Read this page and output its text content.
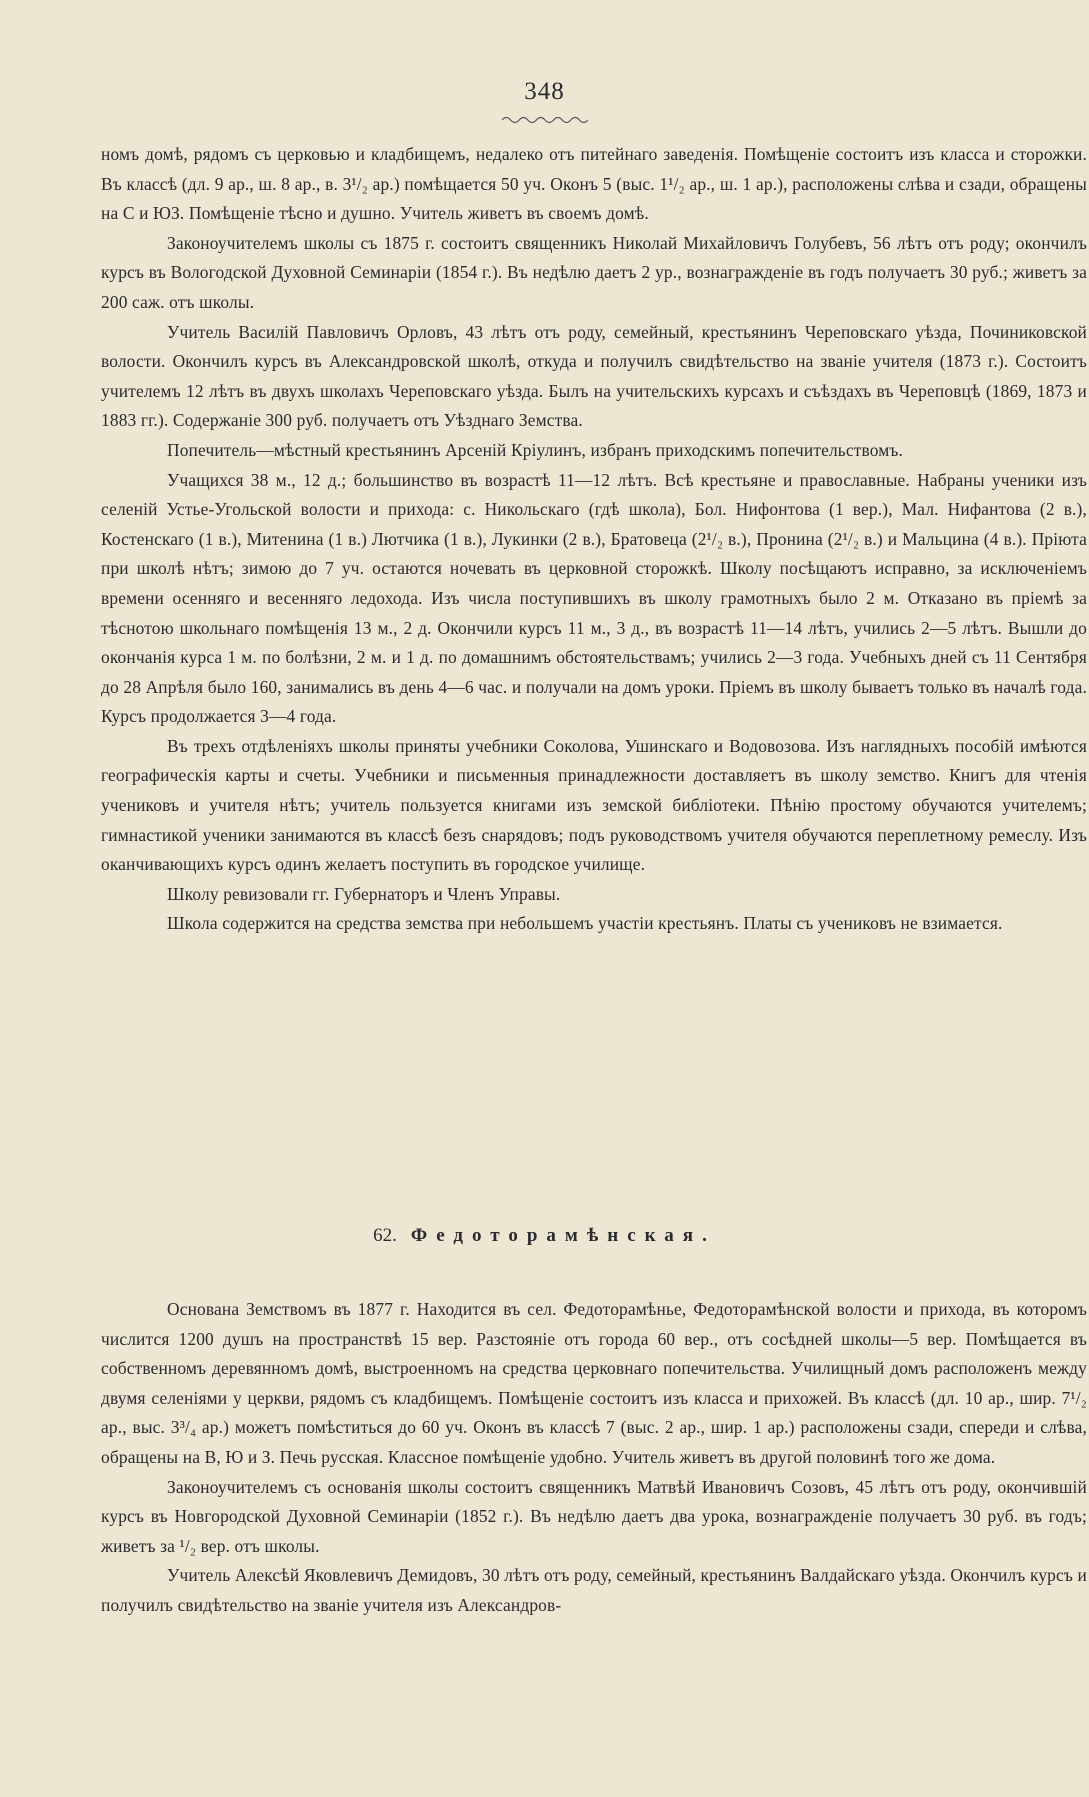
348

номъ домѣ, рядомъ съ церковью и кладбищемъ, недалеко отъ питейнаго заведенія. Помѣщеніе состоитъ изъ класса и сторожки. Въ классѣ (дл. 9 ар., ш. 8 ар., в. 3¹/₂ ар.) помѣщается 50 уч. Оконъ 5 (выс. 1¹/₂ ар., ш. 1 ар.), расположены слѣва и сзади, обращены на С и ЮЗ. Помѣщеніе тѣсно и душно. Учитель живетъ въ своемъ домѣ.

Законоучителемъ школы съ 1875 г. состоитъ священникъ Николай Михайловичъ Голубевъ, 56 лѣтъ отъ роду; окончилъ курсъ въ Вологодской Духовной Семинаріи (1854 г.). Въ недѣлю даетъ 2 ур., вознагражденіе въ годъ получаетъ 30 руб.; живетъ за 200 саж. отъ школы.

Учитель Василій Павловичъ Орловъ, 43 лѣтъ отъ роду, семейный, крестьянинъ Череповскаго уѣзда, Починиковской волости. Окончилъ курсъ въ Александровской школѣ, откуда и получилъ свидѣтельство на званіе учителя (1873 г.). Состоитъ учителемъ 12 лѣтъ въ двухъ школахъ Череповскаго уѣзда. Былъ на учительскихъ курсахъ и съѣздахъ въ Череповцѣ (1869, 1873 и 1883 гг.). Содержаніе 300 руб. получаетъ отъ Уѣзднаго Земства.

Попечитель—мѣстный крестьянинъ Арсеній Кріулинъ, избранъ приходскимъ попечительствомъ.

Учащихся 38 м., 12 д.; большинство въ возрастѣ 11—12 лѣтъ. Всѣ крестьяне и православные. Набраны ученики изъ селеній Устье-Угольской волости и прихода: с. Никольскаго (гдѣ школа), Бол. Нифонтова (1 вер.), Мал. Нифантова (2 в.), Костенскаго (1 в.), Митенина (1 в.) Лютчика (1 в.), Лукинки (2 в.), Братовеца (2¹/₂ в.), Пронина (2¹/₂ в.) и Мальцина (4 в.). Пріюта при школѣ нѣтъ; зимою до 7 уч. остаются ночевать въ церковной сторожкѣ. Школу посѣщаютъ исправно, за исключеніемъ времени осенняго и весенняго ледохода. Изъ числа поступившихъ въ школу грамотныхъ было 2 м. Отказано въ пріемѣ за тѣснотою школьнаго помѣщенія 13 м., 2 д. Окончили курсъ 11 м., 3 д., въ возрастѣ 11—14 лѣтъ, учились 2—5 лѣтъ. Вышли до окончанія курса 1 м. по болѣзни, 2 м. и 1 д. по домашнимъ обстоятельствамъ; учились 2—3 года. Учебныхъ дней съ 11 Сентября до 28 Апрѣля было 160, занимались въ день 4—6 час. и получали на домъ уроки. Пріемъ въ школу бываетъ только въ началѣ года. Курсъ продолжается 3—4 года.

Въ трехъ отдѣленіяхъ школы приняты учебники Соколова, Ушинскаго и Водовозова. Изъ наглядныхъ пособій имѣются географическія карты и счеты. Учебники и письменныя принадлежности доставляетъ въ школу земство. Книгъ для чтенія учениковъ и учителя нѣтъ; учитель пользуется книгами изъ земской библіотеки. Пѣнію простому обучаются учителемъ; гимнастикой ученики занимаются въ классѣ безъ снарядовъ; подъ руководствомъ учителя обучаются переплетному ремеслу. Изъ оканчивающихъ курсъ одинъ желаетъ поступить въ городское училище.

Школу ревизовали гг. Губернаторъ и Членъ Управы.

Школа содержится на средства земства при небольшемъ участіи крестьянъ. Платы съ учениковъ не взимается.

62. Федоторамѣнская.

Основана Земствомъ въ 1877 г. Находится въ сел. Федоторамѣнье, Федоторамѣнской волости и прихода, въ которомъ числится 1200 душъ на пространствѣ 15 вер. Разстояніе отъ города 60 вер., отъ сосѣдней школы—5 вер. Помѣщается въ собственномъ деревянномъ домѣ, выстроенномъ на средства церковнаго попечительства. Училищный домъ расположенъ между двумя селеніями у церкви, рядомъ съ кладбищемъ. Помѣщеніе состоитъ изъ класса и прихожей. Въ классѣ (дл. 10 ар., шир. 7¹/₂ ар., выс. 3³/₄ ар.) можетъ помѣститься до 60 уч. Оконъ въ классѣ 7 (выс. 2 ар., шир. 1 ар.) расположены сзади, спереди и слѣва, обращены на В, Ю и З. Печь русская. Классное помѣщеніе удобно. Учитель живетъ въ другой половинѣ того же дома.

Законоучителемъ съ основанія школы состоитъ священникъ Матвѣй Ивановичъ Созовъ, 45 лѣтъ отъ роду, окончившій курсъ въ Новгородской Духовной Семинаріи (1852 г.). Въ недѣлю даетъ два урока, вознагражденіе получаетъ 30 руб. въ годъ; живетъ за ¹/₂ вер. отъ школы.

Учитель Алексѣй Яковлевичъ Демидовъ, 30 лѣтъ отъ роду, семейный, крестьянинъ Валдайскаго уѣзда. Окончилъ курсъ и получилъ свидѣтельство на званіе учителя изъ Александров-
